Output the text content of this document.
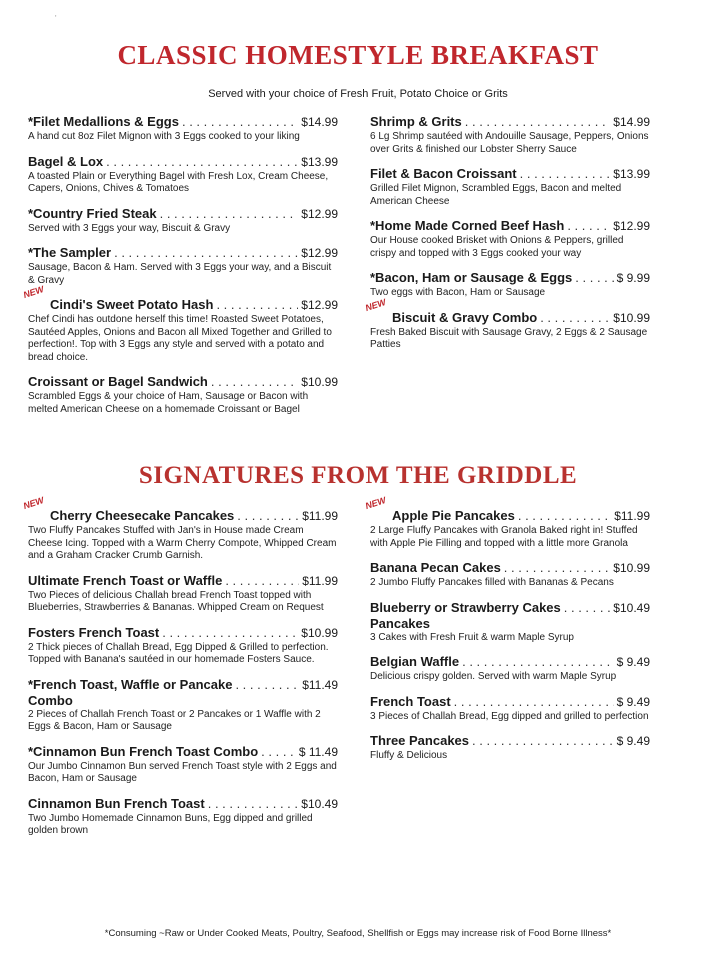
'
CLASSIC HOMESTYLE BREAKFAST
Served with your choice of Fresh Fruit, Potato Choice or Grits
*Filet Medallions & Eggs . . .	$14.99
A hand cut 8oz Filet Mignon with 3 Eggs cooked to your liking
Bagel & Lox . . .	$13.99
A toasted Plain or Everything Bagel with Fresh Lox, Cream Cheese, Capers, Onions, Chives & Tomatoes
*Country Fried Steak . . .	$12.99
Served with 3 Eggs your way, Biscuit & Gravy
*The Sampler . . .	$12.99
Sausage, Bacon & Ham. Served with 3 Eggs your way, and a Biscuit & Gravy
NEW
Cindi's Sweet Potato Hash . . .	$12.99
Chef Cindi has outdone herself this time! Roasted Sweet Potatoes, Sautéed Apples, Onions and Bacon all Mixed Together and Grilled to perfection!. Top with 3 Eggs any style and served with a potato and bread choice.
Croissant or Bagel Sandwich . . .	$10.99
Scrambled Eggs & your choice of Ham, Sausage or Bacon with melted American Cheese on a homemade Croissant or Bagel
Shrimp & Grits . . .	$14.99
6 Lg Shrimp sautéed with Andouille Sausage, Peppers, Onions over Grits & finished our Lobster Sherry Sauce
Filet & Bacon Croissant . . .	$13.99
Grilled Filet Mignon, Scrambled Eggs, Bacon and melted American Cheese
*Home Made Corned Beef Hash . . .	$12.99
Our House cooked Brisket with Onions & Peppers, grilled crispy and topped with 3 Eggs cooked your way
*Bacon, Ham or Sausage & Eggs . . .	$ 9.99
Two eggs with Bacon, Ham or Sausage
NEW
Biscuit & Gravy Combo . . .	$10.99
Fresh Baked Biscuit with Sausage Gravy, 2 Eggs & 2 Sausage Patties
SIGNATURES FROM THE GRIDDLE
NEW
Cherry Cheesecake Pancakes . . .	$11.99
Two Fluffy Pancakes Stuffed with Jan's in House made Cream Cheese Icing. Topped with a Warm Cherry Compote, Whipped Cream and a Graham Cracker Crumb Garnish.
Ultimate French Toast or Waffle . . .	$11.99
Two Pieces of delicious Challah bread French Toast topped with Blueberries, Strawberries & Bananas. Whipped Cream on Request
Fosters French Toast . . .	$10.99
2 Thick pieces of Challah Bread, Egg Dipped & Grilled to perfection. Topped with Banana's sautéed in our homemade Fosters Sauce.
*French Toast, Waffle or Pancake . . .	$11.49
Combo
2 Pieces of Challah French Toast or 2 Pancakes or 1 Waffle with 2 Eggs & Bacon, Ham or Sausage
*Cinnamon Bun French Toast Combo . . .	$ 11.49
Our Jumbo Cinnamon Bun served French Toast style with 2 Eggs and Bacon, Ham or Sausage
Cinnamon Bun French Toast . . .	$10.49
Two Jumbo Homemade Cinnamon Buns, Egg dipped and grilled golden brown
NEW
Apple Pie Pancakes . . .	$11.99
2 Large Fluffy Pancakes with Granola Baked right in! Stuffed with Apple Pie Filling and topped with a little more Granola
Banana Pecan Cakes . . .	$10.99
2 Jumbo Fluffy Pancakes filled with Bananas & Pecans
Blueberry or Strawberry Cakes . . .	$10.49
Pancakes
3 Cakes with Fresh Fruit & warm Maple Syrup
Belgian Waffle . . .	$ 9.49
Delicious crispy golden. Served with warm Maple Syrup
French Toast . . .	$ 9.49
3 Pieces of Challah Bread, Egg dipped and grilled to perfection
Three Pancakes . . .	$ 9.49
Fluffy & Delicious
*Consuming ~Raw or Under Cooked Meats, Poultry, Seafood, Shellfish or Eggs may increase risk of Food Borne Illness*
